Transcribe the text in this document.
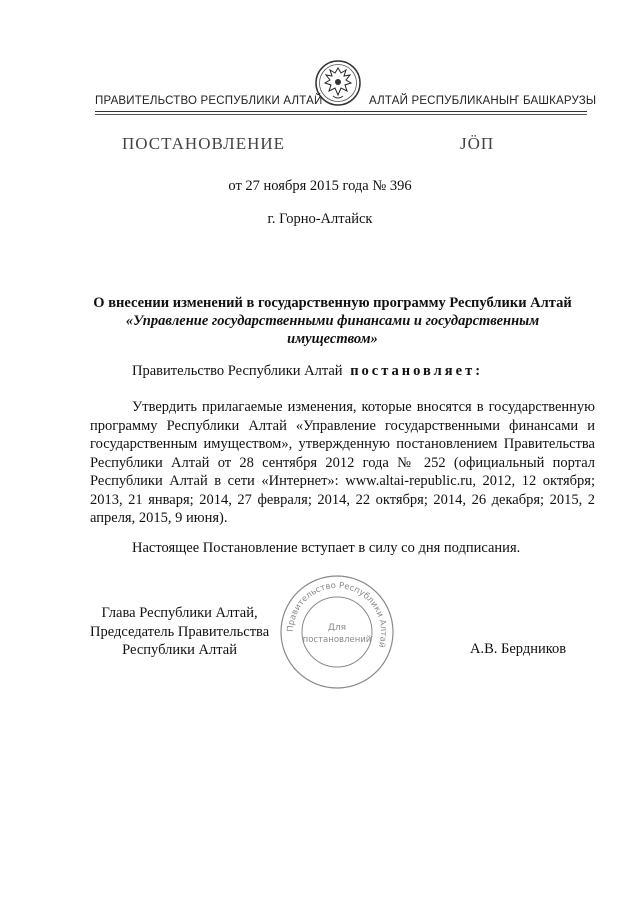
ПРАВИТЕЛЬСТВО РЕСПУБЛИКИ АЛТАЙ	АЛТАЙ РЕСПУБЛИКАНЫҤ БАШКАРУЗЫ
ПОСТАНОВЛЕНИЕ	JÖП
от 27 ноября 2015 года № 396
г. Горно-Алтайск
О внесении изменений в государственную программу Республики Алтай
«Управление государственными финансами и государственным имуществом»
Правительство Республики Алтай постановляет:
Утвердить прилагаемые изменения, которые вносятся в государственную программу Республики Алтай «Управление государственными финансами и государственным имуществом», утвержденную постановлением Правительства Республики Алтай от 28 сентября 2012 года № 252 (официальный портал Республики Алтай в сети «Интернет»: www.altai-republic.ru, 2012, 12 октября; 2013, 21 января; 2014, 27 февраля; 2014, 22 октября; 2014, 26 декабря; 2015, 2 апреля, 2015, 9 июня).
Настоящее Постановление вступает в силу со дня подписания.
Глава Республики Алтай,
Председатель Правительства
Республики Алтай	А.В. Бердников
Правительство Республики Алтай
Для
постановлений
